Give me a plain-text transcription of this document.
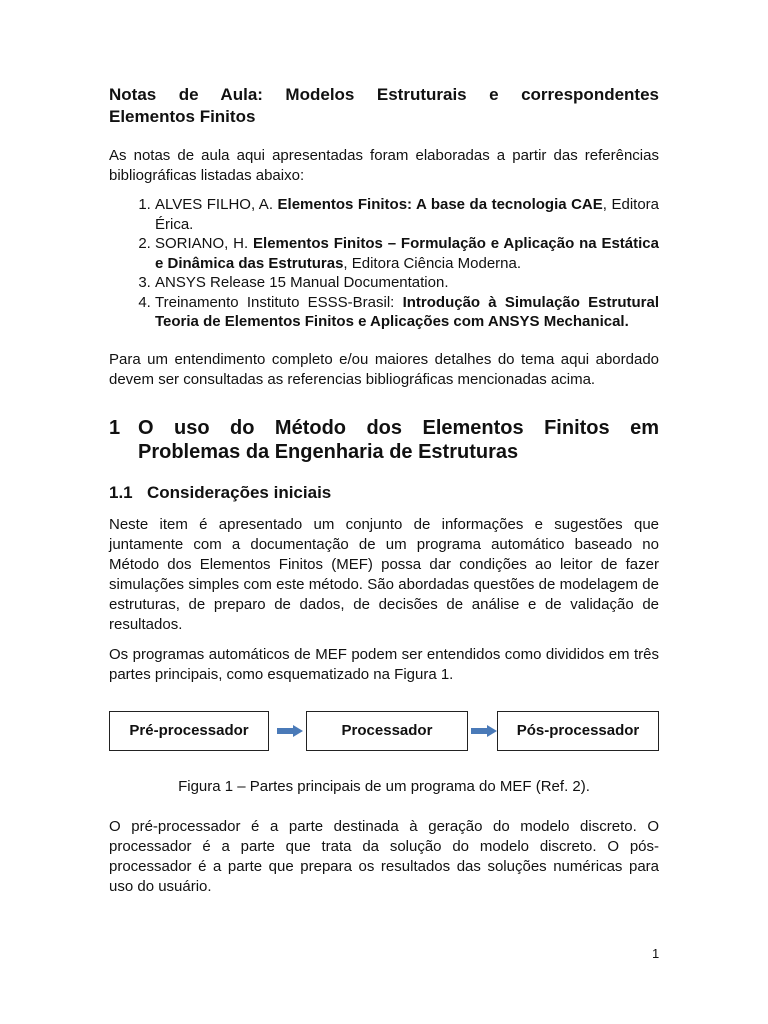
Notas de Aula: Modelos Estruturais e correspondentes
Elementos Finitos

As notas de aula aqui apresentadas foram elaboradas a partir das referências bibliográficas listadas abaixo:

1. ALVES FILHO, A. Elementos Finitos: A base da tecnologia CAE, Editora Érica.
2. SORIANO, H. Elementos Finitos – Formulação e Aplicação na Estática e Dinâmica das Estruturas, Editora Ciência Moderna.
3. ANSYS Release 15 Manual Documentation.
4. Treinamento Instituto ESSS-Brasil: Introdução à Simulação Estrutural Teoria de Elementos Finitos e Aplicações com ANSYS Mechanical.

Para um entendimento completo e/ou maiores detalhes do tema aqui abordado devem ser consultadas as referencias bibliográficas mencionadas acima.

1 O uso do Método dos Elementos Finitos em
Problemas da Engenharia de Estruturas
1.1 Considerações iniciais

Neste item é apresentado um conjunto de informações e sugestões que juntamente com a documentação de um programa automático baseado no Método dos Elementos Finitos (MEF) possa dar condições ao leitor de fazer simulações simples com este método. São abordadas questões de modelagem de estruturas, de preparo de dados, de decisões de análise e de validação de resultados.

Os programas automáticos de MEF podem ser entendidos como divididos em três partes principais, como esquematizado na Figura 1.

Pré-processador	Processador	Pós-processador
Figura 1 – Partes principais de um programa do MEF (Ref. 2).

O pré-processador é a parte destinada à geração do modelo discreto. O processador é a parte que trata da solução do modelo discreto. O pós-processador é a parte que prepara os resultados das soluções numéricas para uso do usuário.

1
